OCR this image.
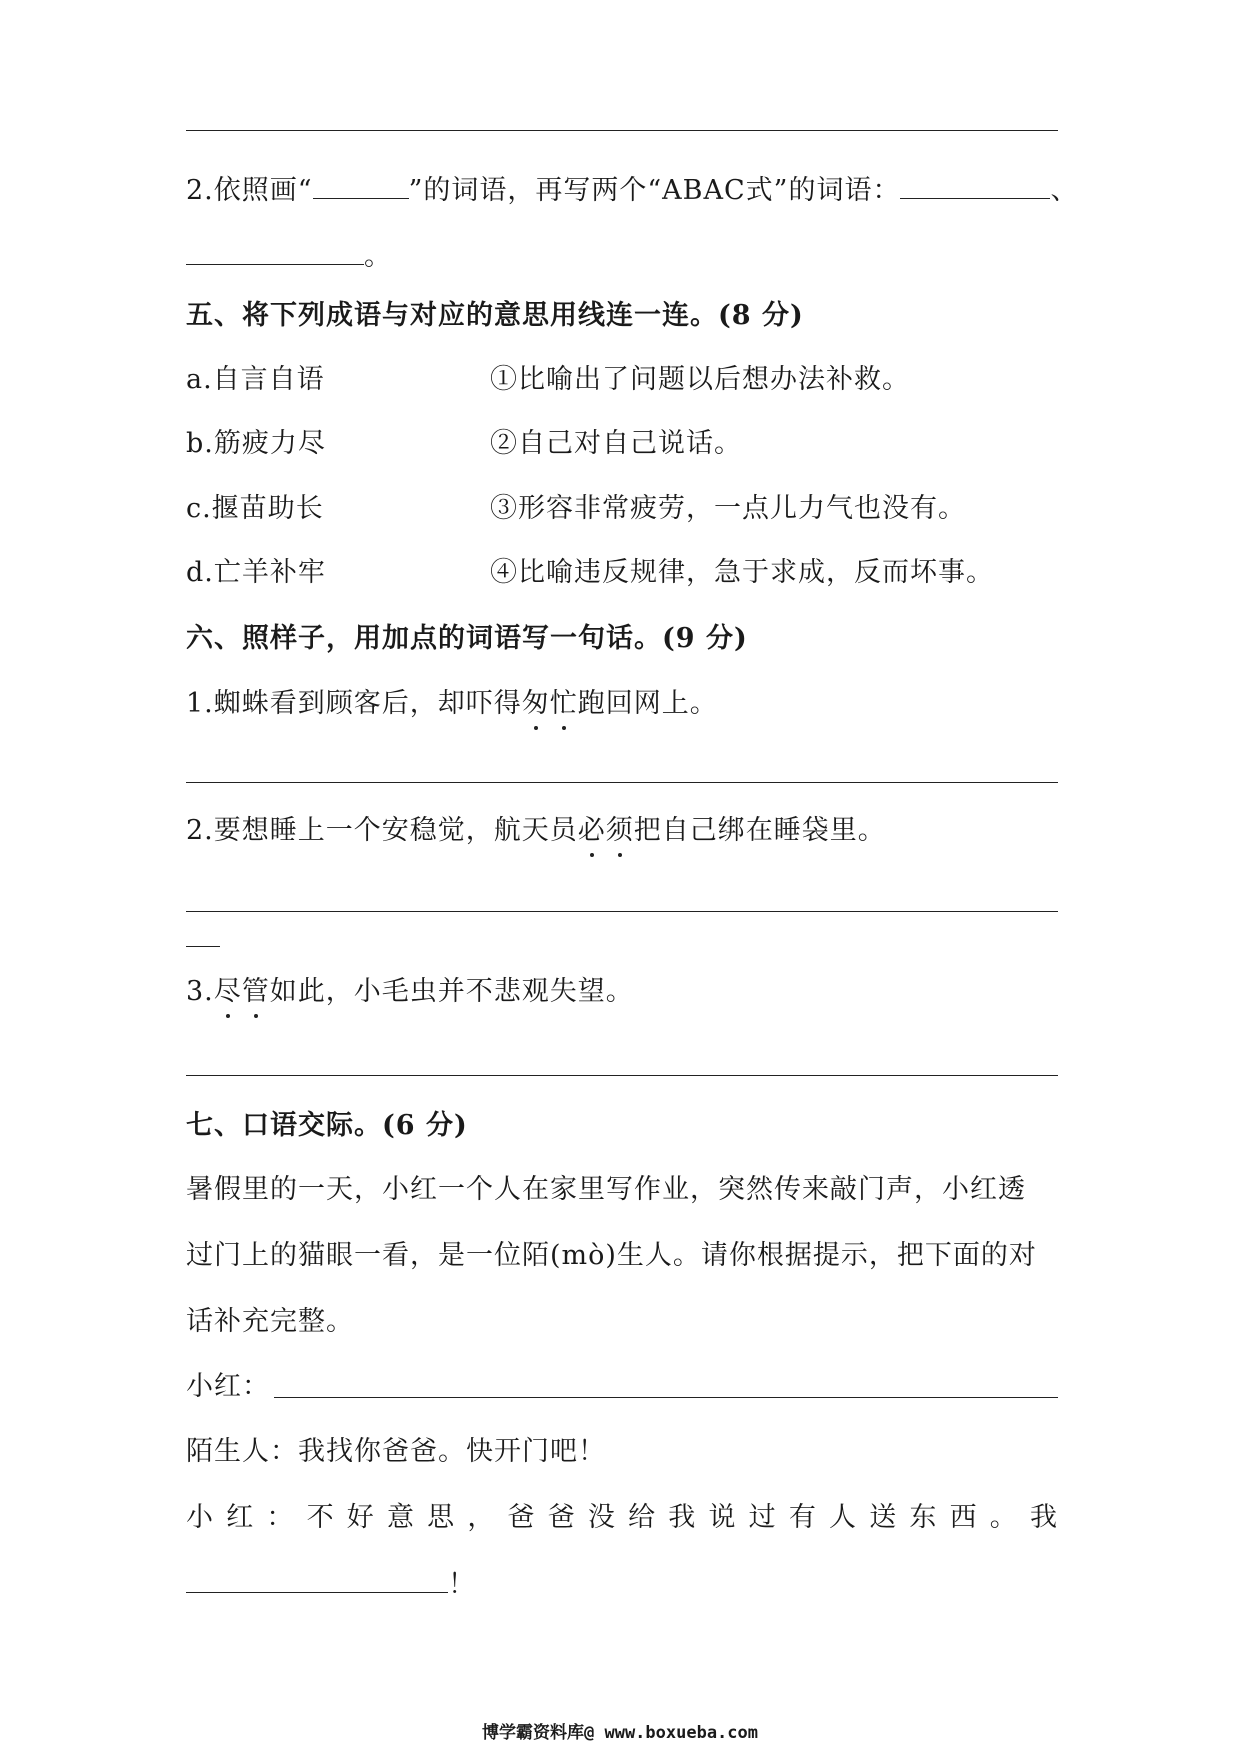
2.依照画“	”的词语，再写两个“ABAC式”的词语：	、
。
五、将下列成语与对应的意思用线连一连。(8 分)
a.自言自语	①比喻出了问题以后想办法补救。
b.筋疲力尽	②自己对自己说话。
c.揠苗助长	③形容非常疲劳，一点儿力气也没有。
d.亡羊补牢	④比喻违反规律，急于求成，反而坏事。
六、照样子，用加点的词语写一句话。(9 分)
1.蜘蛛看到顾客后，却吓得匆忙跑回网上。
2.要想睡上一个安稳觉，航天员必须把自己绑在睡袋里。
3.尽管如此，小毛虫并不悲观失望。
七、口语交际。(6 分)
暑假里的一天，小红一个人在家里写作业，突然传来敲门声，小红透
过门上的猫眼一看，是一位陌(mò)生人。请你根据提示，把下面的对
话补充完整。
小红：
陌生人：我找你爸爸。快开门吧！
小 红 ： 不 好 意 思 ， 爸 爸 没 给 我 说 过 有 人 送 东 西 。 我
！
博学霸资料库@ www.boxueba.com
